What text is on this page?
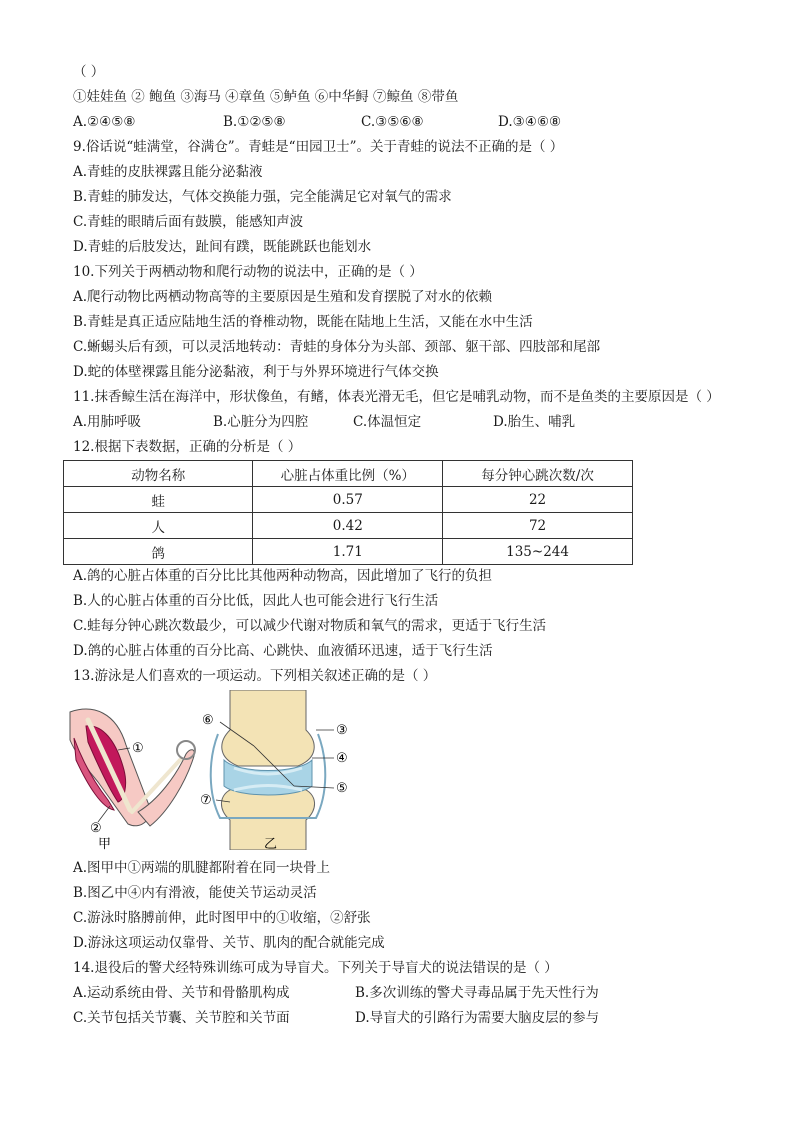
（ ）
①娃娃鱼 ② 鲍鱼 ③海马 ④章鱼 ⑤鲈鱼 ⑥中华鲟 ⑦鲸鱼 ⑧带鱼
A.②④⑤⑧	B.①②⑤⑧	C.③⑤⑥⑧	D.③④⑥⑧
9.俗话说“蛙满堂，谷满仓”。青蛙是“田园卫士”。关于青蛙的说法不正确的是（ ）
A.青蛙的皮肤裸露且能分泌黏液
B.青蛙的肺发达，气体交换能力强，完全能满足它对氧气的需求
C.青蛙的眼睛后面有鼓膜，能感知声波
D.青蛙的后肢发达，趾间有蹼，既能跳跃也能划水
10.下列关于两栖动物和爬行动物的说法中，正确的是（ ）
A.爬行动物比两栖动物高等的主要原因是生殖和发育摆脱了对水的依赖
B.青蛙是真正适应陆地生活的脊椎动物，既能在陆地上生活，又能在水中生活
C.蜥蜴头后有颈，可以灵活地转动：青蛙的身体分为头部、颈部、躯干部、四肢部和尾部
D.蛇的体壁裸露且能分泌黏液，利于与外界环境进行气体交换
11.抹香鲸生活在海洋中，形状像鱼，有鳍，体表光滑无毛，但它是哺乳动物，而不是鱼类的主要原因是（ ）
A.用肺呼吸	B.心脏分为四腔	C.体温恒定	D.胎生、哺乳
12.根据下表数据，正确的分析是（ ）
动物名称	心脏占体重比例（%）	每分钟心跳次数/次
蛙	0.57	22
人	0.42	72
鸽	1.71	135~244
A.鸽的心脏占体重的百分比比其他两种动物高，因此增加了飞行的负担
B.人的心脏占体重的百分比低，因此人也可能会进行飞行生活
C.蛙每分钟心跳次数最少，可以减少代谢对物质和氧气的需求，更适于飞行生活
D.鸽的心脏占体重的百分比高、心跳快、血液循环迅速，适于飞行生活
13.游泳是人们喜欢的一项运动。下列相关叙述正确的是（ ）
①
②
甲
⑥
③
④
⑤
⑦
乙
A.图甲中①两端的肌腱都附着在同一块骨上
B.图乙中④内有滑液，能使关节运动灵活
C.游泳时胳膊前伸，此时图甲中的①收缩，②舒张
D.游泳这项运动仅靠骨、关节、肌肉的配合就能完成
14.退役后的警犬经特殊训练可成为导盲犬。下列关于导盲犬的说法错误的是（ ）
A.运动系统由骨、关节和骨骼肌构成	B.多次训练的警犬寻毒品属于先天性行为
C.关节包括关节囊、关节腔和关节面	D.导盲犬的引路行为需要大脑皮层的参与
